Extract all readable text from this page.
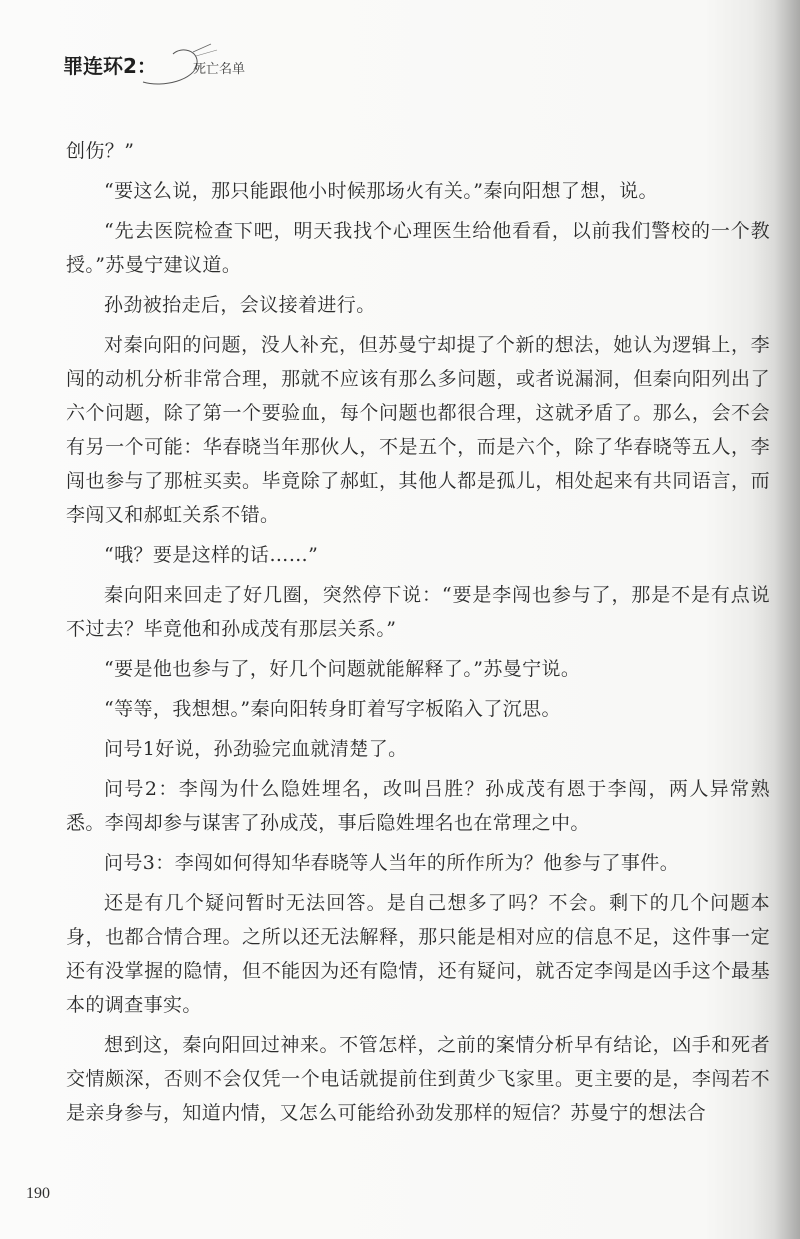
罪连环2：	死亡名单

创伤？”

“要这么说，那只能跟他小时候那场火有关。”秦向阳想了想，说。

“先去医院检查下吧，明天我找个心理医生给他看看，以前我们警校的一个教授。”苏曼宁建议道。

孙劲被抬走后，会议接着进行。

对秦向阳的问题，没人补充，但苏曼宁却提了个新的想法，她认为逻辑上，李闯的动机分析非常合理，那就不应该有那么多问题，或者说漏洞，但秦向阳列出了六个问题，除了第一个要验血，每个问题也都很合理，这就矛盾了。那么，会不会有另一个可能：华春晓当年那伙人，不是五个，而是六个，除了华春晓等五人，李闯也参与了那桩买卖。毕竟除了郝虹，其他人都是孤儿，相处起来有共同语言，而李闯又和郝虹关系不错。

“哦？要是这样的话……”

秦向阳来回走了好几圈，突然停下说：“要是李闯也参与了，那是不是有点说不过去？毕竟他和孙成茂有那层关系。”

“要是他也参与了，好几个问题就能解释了。”苏曼宁说。

“等等，我想想。”秦向阳转身盯着写字板陷入了沉思。

问号1好说，孙劲验完血就清楚了。

问号2：李闯为什么隐姓埋名，改叫吕胜？孙成茂有恩于李闯，两人异常熟悉。李闯却参与谋害了孙成茂，事后隐姓埋名也在常理之中。

问号3：李闯如何得知华春晓等人当年的所作所为？他参与了事件。

还是有几个疑问暂时无法回答。是自己想多了吗？不会。剩下的几个问题本身，也都合情合理。之所以还无法解释，那只能是相对应的信息不足，这件事一定还有没掌握的隐情，但不能因为还有隐情，还有疑问，就否定李闯是凶手这个最基本的调查事实。

想到这，秦向阳回过神来。不管怎样，之前的案情分析早有结论，凶手和死者交情颇深，否则不会仅凭一个电话就提前住到黄少飞家里。更主要的是，李闯若不是亲身参与，知道内情，又怎么可能给孙劲发那样的短信？苏曼宁的想法合

190
